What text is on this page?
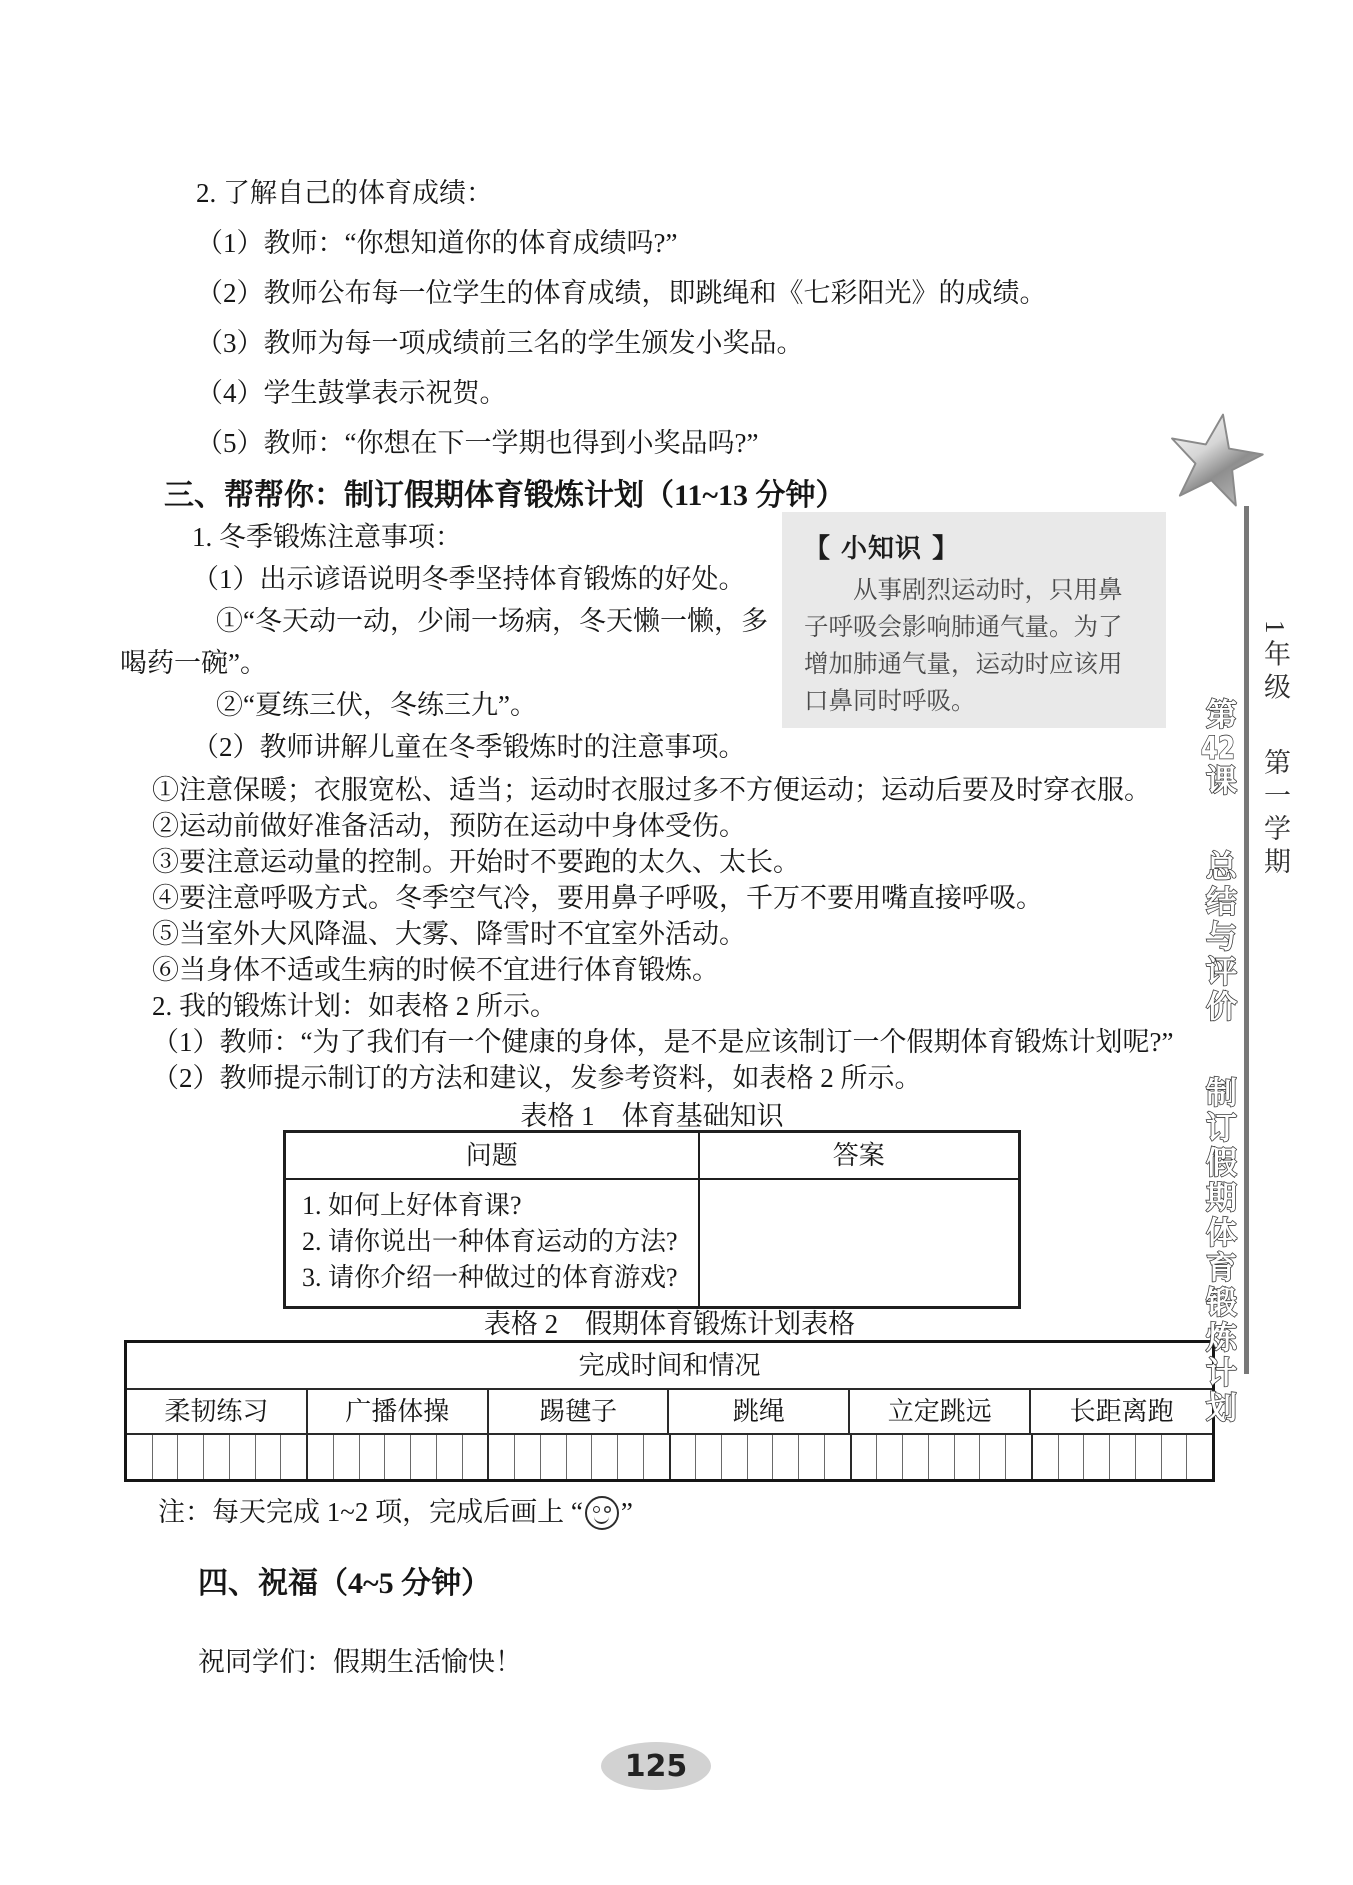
2. 了解自己的体育成绩：
（1）教师：“你想知道你的体育成绩吗?”
（2）教师公布每一位学生的体育成绩，即跳绳和《七彩阳光》的成绩。
（3）教师为每一项成绩前三名的学生颁发小奖品。
（4）学生鼓掌表示祝贺。
（5）教师：“你想在下一学期也得到小奖品吗?”
三、帮帮你：制订假期体育锻炼计划（11~13 分钟）
1. 冬季锻炼注意事项：
（1）出示谚语说明冬季坚持体育锻炼的好处。
①“冬天动一动，少闹一场病，冬天懒一懒，多
喝药一碗”。
②“夏练三伏，冬练三九”。
（2）教师讲解儿童在冬季锻炼时的注意事项。
【 小知识 】
从事剧烈运动时，只用鼻子呼吸会影响肺通气量。为了增加肺通气量，运动时应该用口鼻同时呼吸。
①注意保暖；衣服宽松、适当；运动时衣服过多不方便运动；运动后要及时穿衣服。
②运动前做好准备活动，预防在运动中身体受伤。
③要注意运动量的控制。开始时不要跑的太久、太长。
④要注意呼吸方式。冬季空气冷，要用鼻子呼吸，千万不要用嘴直接呼吸。
⑤当室外大风降温、大雾、降雪时不宜室外活动。
⑥当身体不适或生病的时候不宜进行体育锻炼。
2. 我的锻炼计划：如表格 2 所示。
（1）教师：“为了我们有一个健康的身体，是不是应该制订一个假期体育锻炼计划呢?”
（2）教师提示制订的方法和建议，发参考资料，如表格 2 所示。
表格 1　体育基础知识
问题	答案
1. 如何上好体育课?
2. 请你说出一种体育运动的方法?
3. 请你介绍一种做过的体育游戏?
表格 2　假期体育锻炼计划表格
完成时间和情况
柔韧练习	广播体操	踢毽子	跳绳	立定跳远	长距离跑
注：每天完成 1~2 项，完成后画上 “ ”
四、祝福（4~5 分钟）
祝同学们：假期生活愉快！
125
1年级 第一学期
第42课 总结与评价 制订假期体育锻炼计划
